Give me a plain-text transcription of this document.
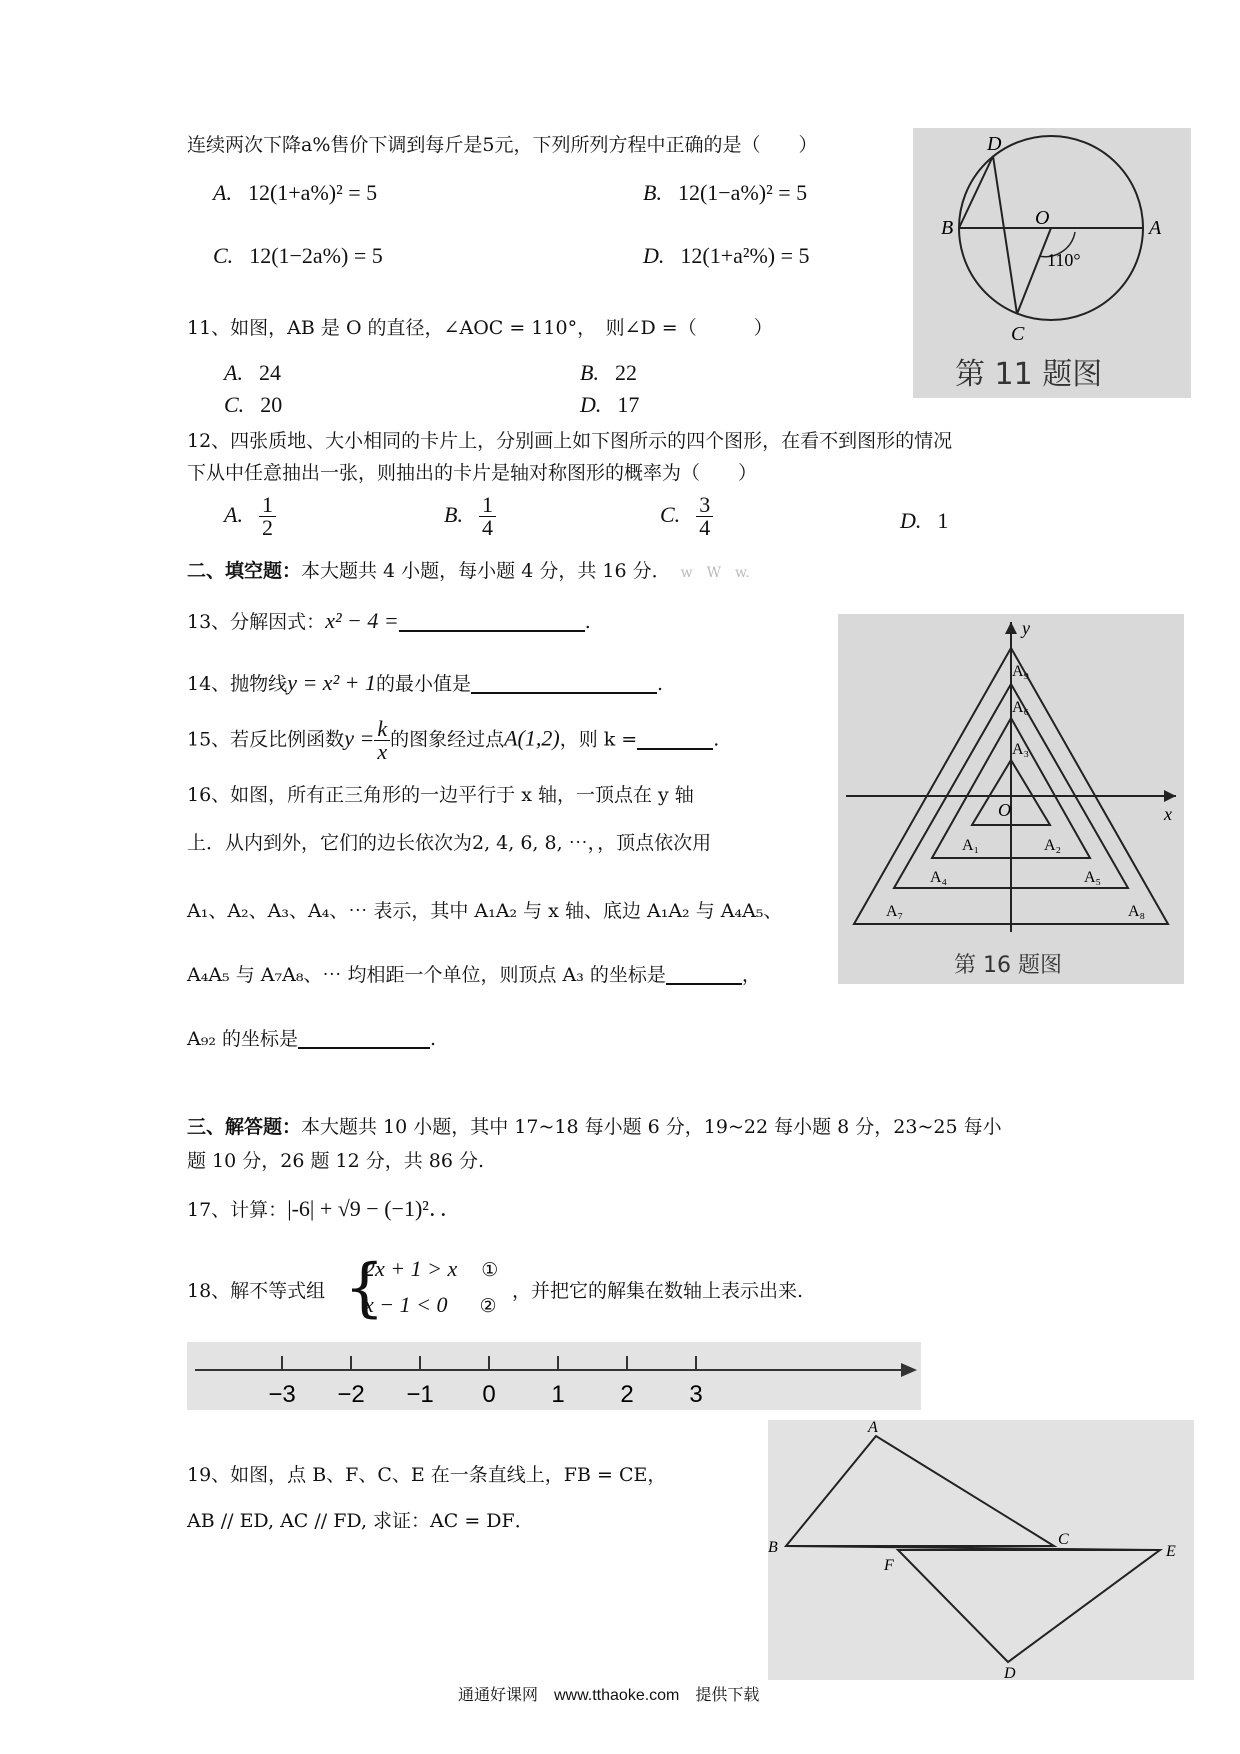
连续两次下降a%售价下调到每斤是5元，下列所列方程中正确的是（　　）
A. 12(1+a%)² = 5	B. 12(1−a%)² = 5
C. 12(1−2a%) = 5	D. 12(1+a²%) = 5
D
B	O	A
C
110°
第 11 题图
11、如图，AB 是 O 的直径，∠AOC = 110°，　则∠D =（　　　）
A. 24	B. 22
C. 20	D. 17
12、四张质地、大小相同的卡片上，分别画上如下图所示的四个图形，在看不到图形的情况
下从中任意抽出一张，则抽出的卡片是轴对称图形的概率为（　　）
A. $\frac{1}{2}$	B. $\frac{1}{4}$	C. $\frac{3}{4}$	D. 1
二、填空题：本大题共 4 小题，每小题 4 分，共 16 分． w　W　w.
13、分解因式：x² − 4 =	.
14、抛物线y = x² + 1的最小值是	.
15、若反比例函数$y = \frac{k}{x}$ 的图象经过点A(1,2)，则 k =	.
16、如图，所有正三角形的一边平行于 x 轴，一顶点在 y 轴
上．从内到外，它们的边长依次为2, 4, 6, 8, ⋯，，顶点依次用
A₁、A₂、A₃、A₄、⋯ 表示，其中 A₁A₂ 与 x 轴、底边 A₁A₂ 与 A₄A₅、
A₄A₅ 与 A₇A₈、⋯ 均相距一个单位，则顶点 A₃ 的坐标是	，
A₉₂ 的坐标是	.
y
x
O
A₁	A₂
A₃
A₄	A₅
A₆
A₇	A₈
A₉
第 16 题图
三、解答题：本大题共 10 小题，其中 17~18 每小题 6 分，19~22 每小题 8 分，23~25 每小
题 10 分，26 题 12 分，共 86 分.
17、计算：|-6| + √9 − (−1)²．．
18、解不等式组 {
2x + 1 > x ①
x − 1 < 0 ②
，并把它的解集在数轴上表示出来.
−3 −2 −1 0 1 2 3
19、如图，点 B、F、C、E 在一条直线上，FB = CE，
AB // ED, AC // FD, 求证：AC = DF．
A
B
F
C
E
D
通通好课网　www.tthaoke.com　提供下载
